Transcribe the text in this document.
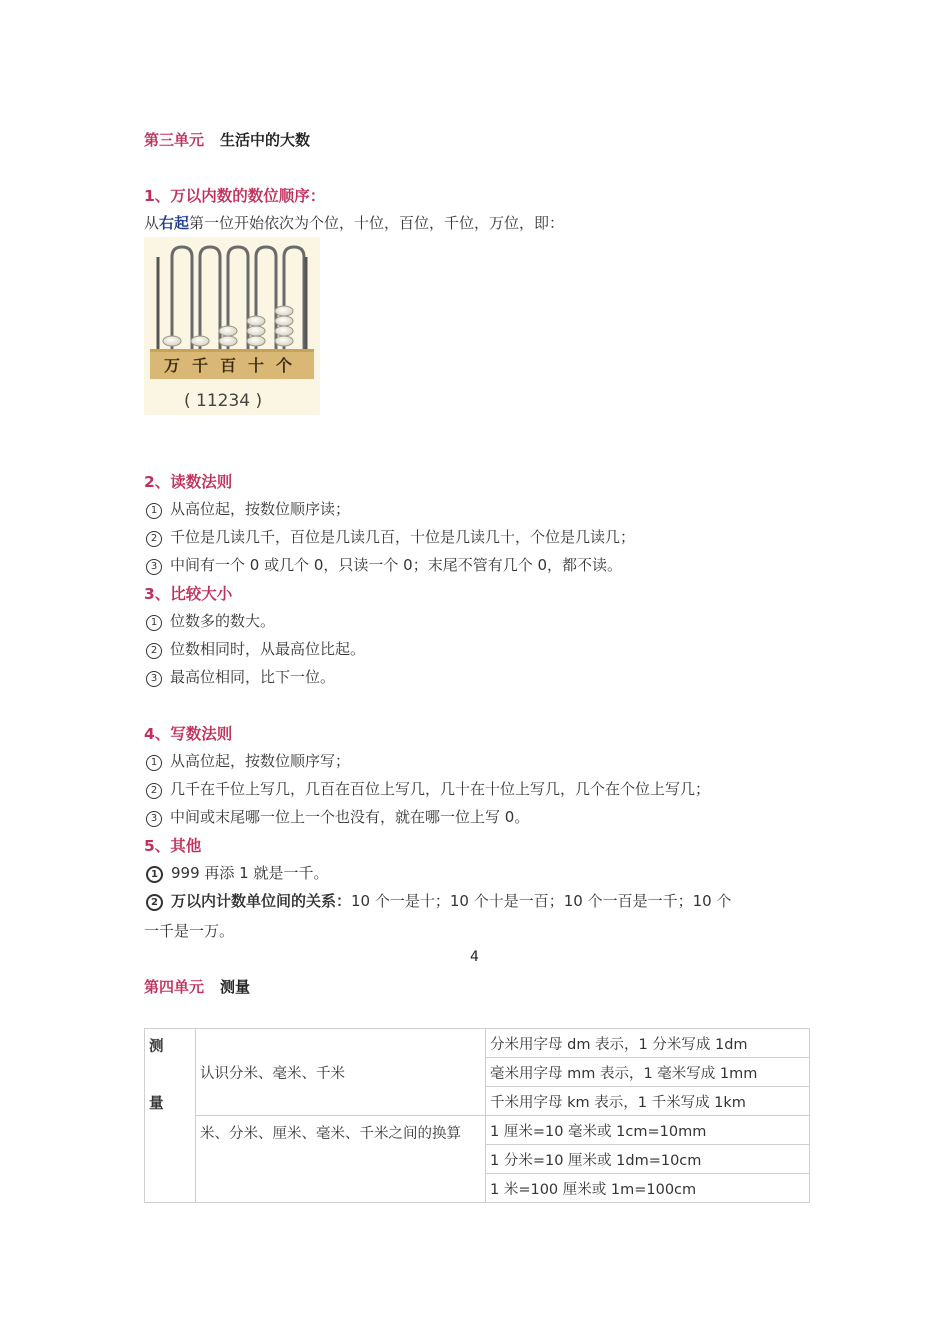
第三单元 生活中的大数
1、万以内数的数位顺序：
从右起第一位开始依次为个位，十位，百位，千位，万位，即：
万 千 百 十 个
( 11234 )
2、读数法则
1 从高位起，按数位顺序读；
2 千位是几读几千，百位是几读几百，十位是几读几十，个位是几读几；
3 中间有一个 0 或几个 0，只读一个 0；末尾不管有几个 0，都不读。
3、比较大小
1 位数多的数大。
2 位数相同时，从最高位比起。
3 最高位相同，比下一位。
4、写数法则
1 从高位起，按数位顺序写；
2 几千在千位上写几，几百在百位上写几，几十在十位上写几，几个在个位上写几；
3 中间或末尾哪一位上一个也没有，就在哪一位上写 0。
5、其他
1 999 再添 1 就是一千。
2 万以内计数单位间的关系：10 个一是十；10 个十是一百；10 个一百是一千；10 个
一千是一万。
4
第四单元 测量
测
量	认识分米、毫米、千米	分米用字母 dm 表示，1 分米写成 1dm
		毫米用字母 mm 表示，1 毫米写成 1mm
		千米用字母 km 表示，1 千米写成 1km
	米、分米、厘米、毫米、千米之间的换算	1 厘米=10 毫米或 1cm=10mm
		1 分米=10 厘米或 1dm=10cm
		1 米=100 厘米或 1m=100cm
